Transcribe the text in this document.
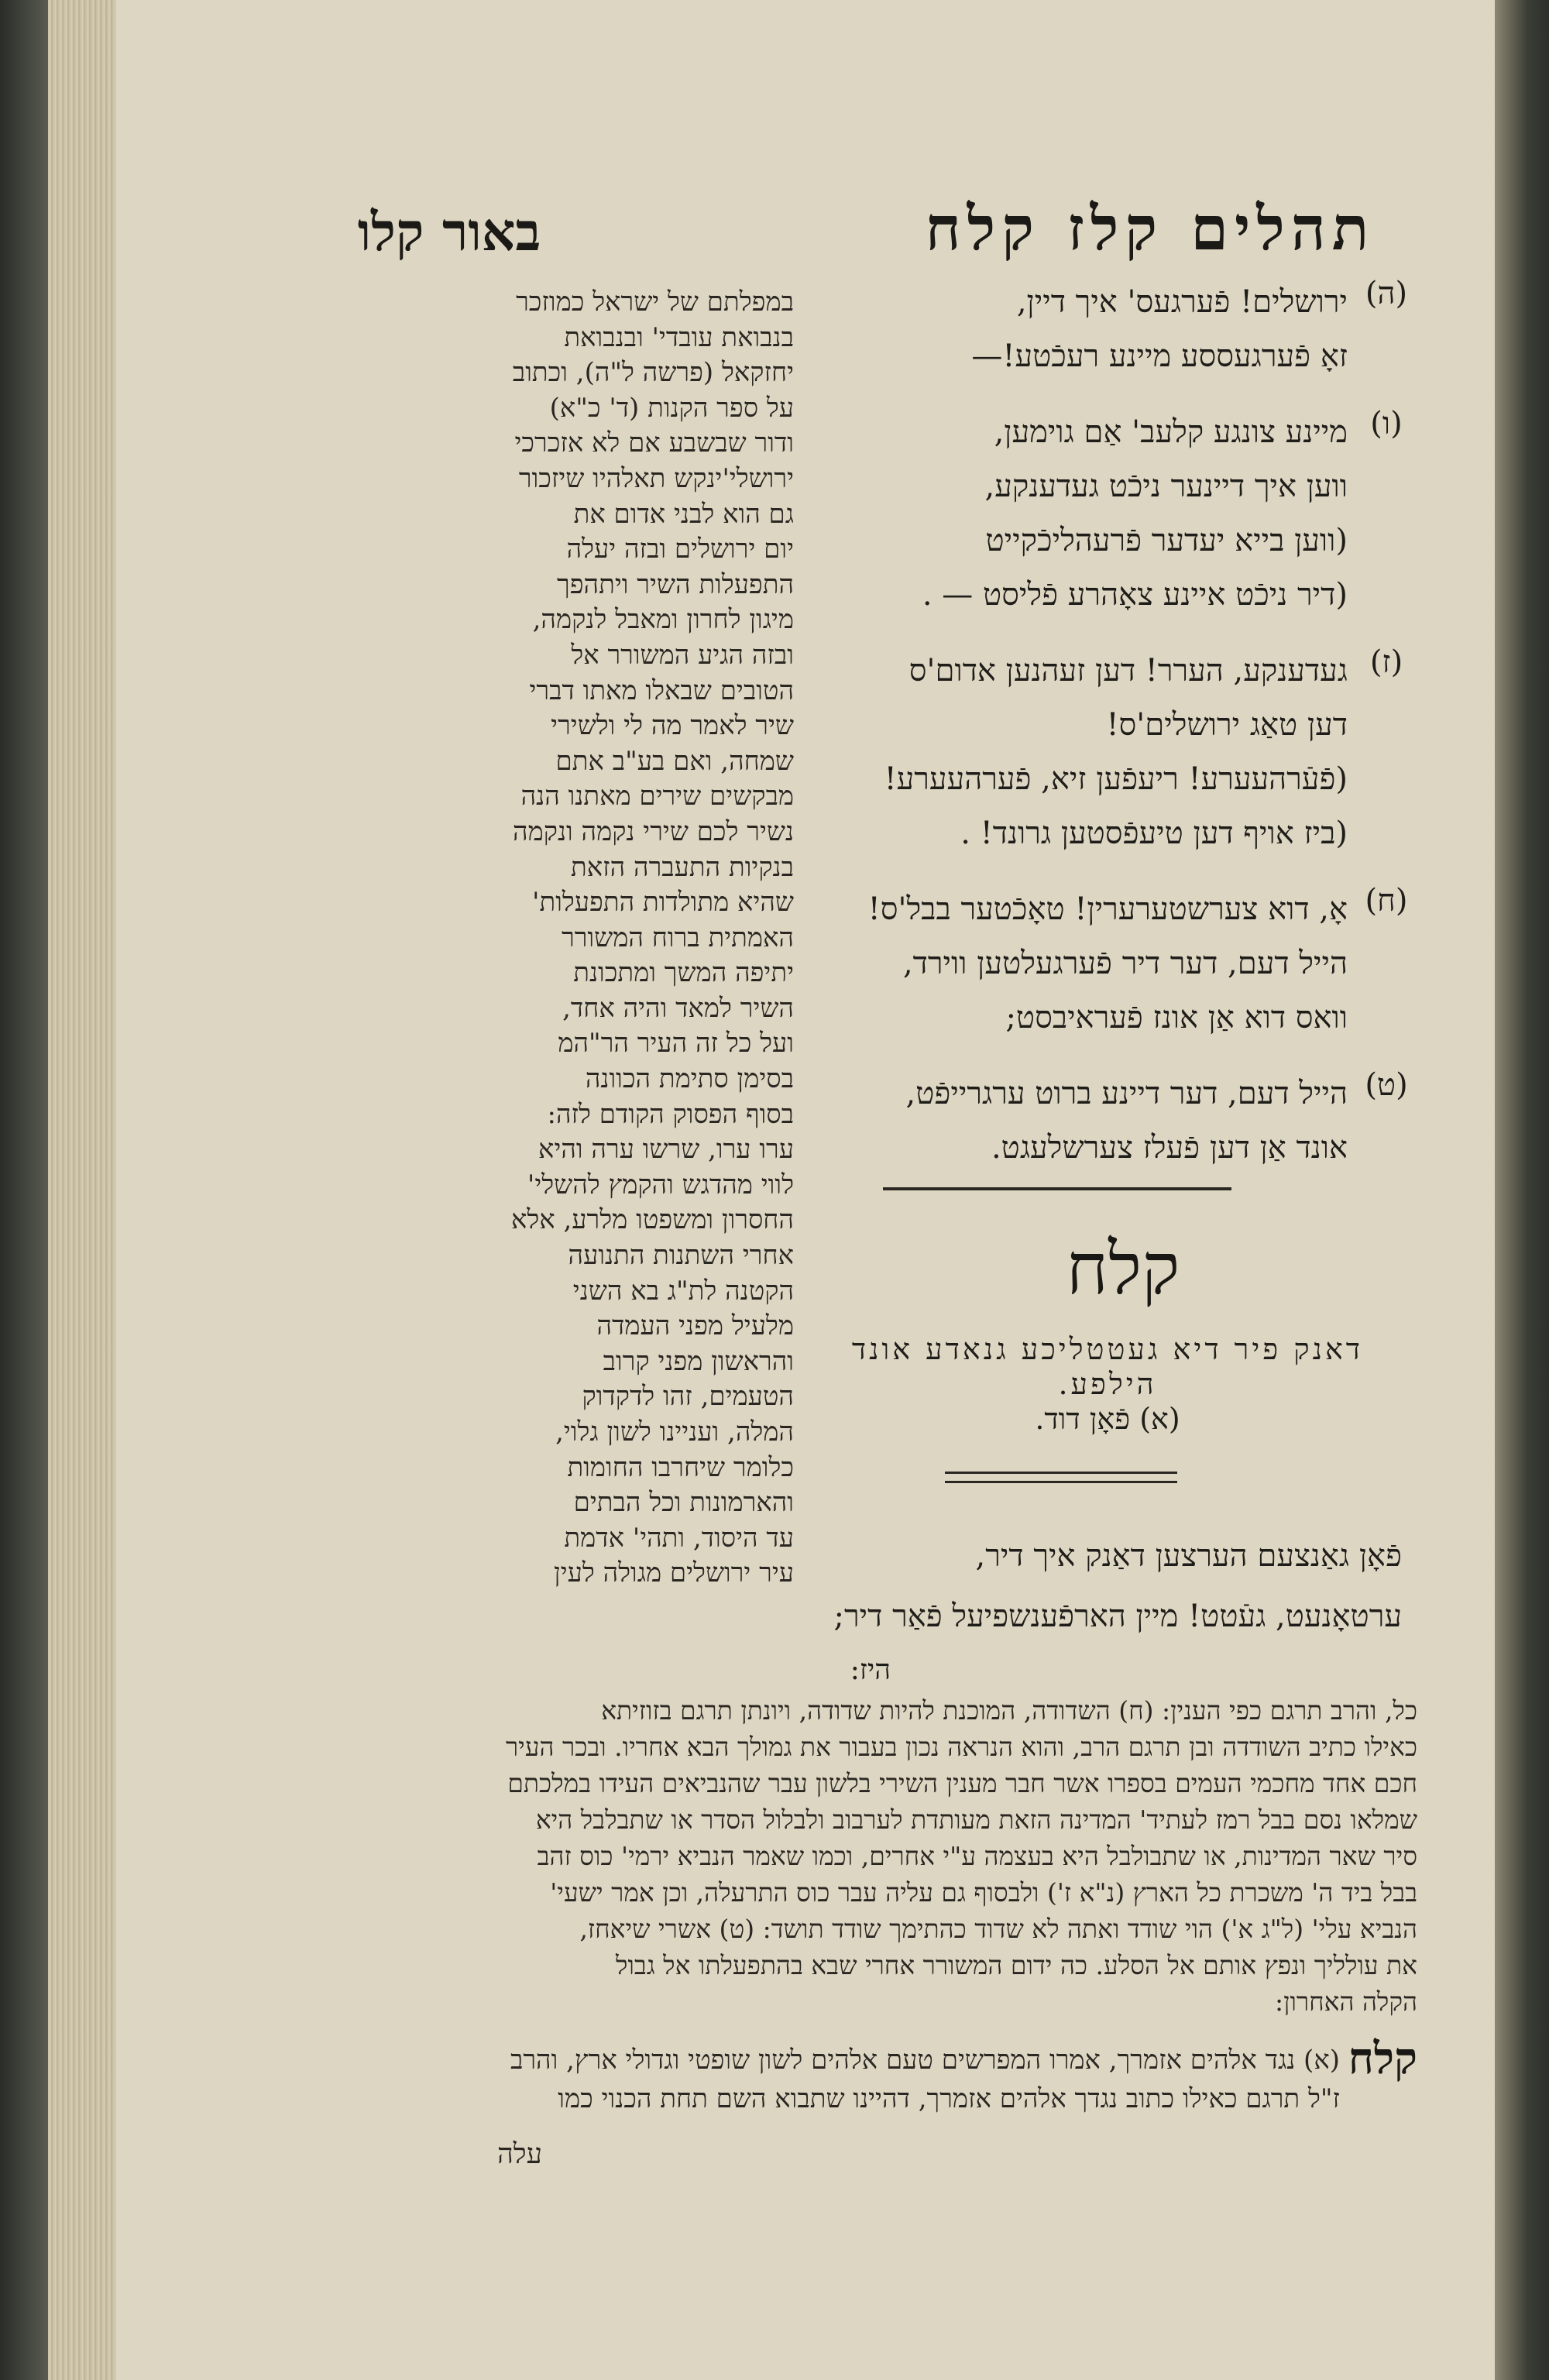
תהלים קלז קלח
באור קלו
במפלתם של ישראל כמוזכר
בנבואת עובדי' ובנבואת
יחזקאל (פרשה ל"ה), וכתוב
על ספר הקנות (ד' כ"א)
ודור שבשבע אם לא אזכרכי
ירושלי'ינקש תאלהיו שיזכור
גם הוא לבני אדום את
יום ירושלים ובזה יעלה
התפעלות השיר ויתהפך
מיגון לחרון ומאבל לנקמה,
ובזה הגיע המשורר אל
הטובים שבאלו מאתו דברי
שיר לאמר מה לי ולשירי
שמחה, ואם בע"ב אתם
מבקשים שירים מאתנו הנה
נשיר לכם שירי נקמה ונקמה
בנקיות התעברה הזאת
שהיא מתולדות התפעלות'
האמתית ברוח המשורר
יתיפה המשך ומתכונת
השיר למאד והיה אחד,
ועל כל זה העיר הר"המ
בסימן סתימת הכוונה
בסוף הפסוק הקודם לזה:
ערו ערו, שרשו ערה והיא
לווי מהדגש והקמץ להשלי'
החסרון ומשפטו מלרע, אלא
אחרי השתנות התנועה
הקטנה לת"ג בא השני
מלעיל מפני העמדה
והראשון מפני קרוב
הטעמים, זהו לדקדוק
המלה, ועניינו לשון גלוי,
כלומר שיחרבו החומות
והארמונות וכל הבתים
עד היסוד, ותהי' אדמת
עיר ירושלים מגולה לעין
(ה)
ירושלים! פֿערגעס' איך דיין,
זאָ פֿערגעססע מיינע רעכֿטע!—
(ו)
מיינע צונגע קלעב' אַם גוימען,
ווען איך דיינער ניכֿט געדענקע,
(ווען בייא יעדער פֿרעהליכֿקייט
(דיר ניכֿט איינע צאָהרע פֿליסט — .
(ז)
געדענקע, הערר! דען זעהנען אדום'ס
דען טאַג ירושלים'ס!
(פֿעֿרהעערע! ריעפֿען זיא, פֿערהעערע!
(ביז אויף דען טיעפֿסטען גרונד! .
(ח)
אָ, דוא צערשטערערין! טאָכֿטער בבל'ס!
הייל דעם, דער דיר פֿערגעלטען ווירד,
וואס דוא אַן אונז פֿעראיבסט;
(ט)
הייל דעם, דער דיינע ברוט ערגרייפֿט,
אונד אַן דען פֿעלז צערשלעגט.
קלח
דאנק פיר דיא געטטליכע גנאדע אונד הילפע.
(א) פֿאָן דוד.
פֿאָן גאַנצעם הערצען דאַנק איך דיר,
ערטאָנעט, געֿטט! מיין הארפֿענשפיעל פֿאַר דיר;
היז:
כל, והרב תרגם כפי הענין: (ח) השדודה, המוכנת להיות שדודה, ויונתן תרגם בזוזיתא
כאילו כתיב השודדה ובן תרגם הרב, והוא הנראה נכון בעבור את גמולך הבא אחריו. ובכר העיר
חכם אחד מחכמי העמים בספרו אשר חבר מענין השירי בלשון עבר שהנביאים העידו במלכתם
שמלאו נסם בבל רמז לעתיד' המדינה הזאת מעותדת לערבוב ולבלול הסדר או שתבלבל היא
סיר שאר המדינות, או שתבולבל היא בעצמה ע"י אחרים, וכמו שאמר הנביא ירמי' כוס זהב
בבל ביד ה' משכרת כל הארץ (נ"א ז') ולבסוף גם עליה עבר כוס התרעלה, וכן אמר ישעי'
הנביא עלי' (ל"ג א') הוי שודד ואתה לא שדוד כהתימך שודד תושד: (ט) אשרי שיאחז,
את עולליך ונפץ אותם אל הסלע. כה ידום המשורר אחרי שבא בהתפעלתו אל גבול
הקלה האחרון:
קלח
(א) נגד אלהים אזמרך, אמרו המפרשים טעם אלהים לשון שופטי וגדולי ארץ, והרב
ז"ל תרגם כאילו כתוב נגדך אלהים אזמרך, דהיינו שתבוא השם תחת הכנוי כמו
עלה
